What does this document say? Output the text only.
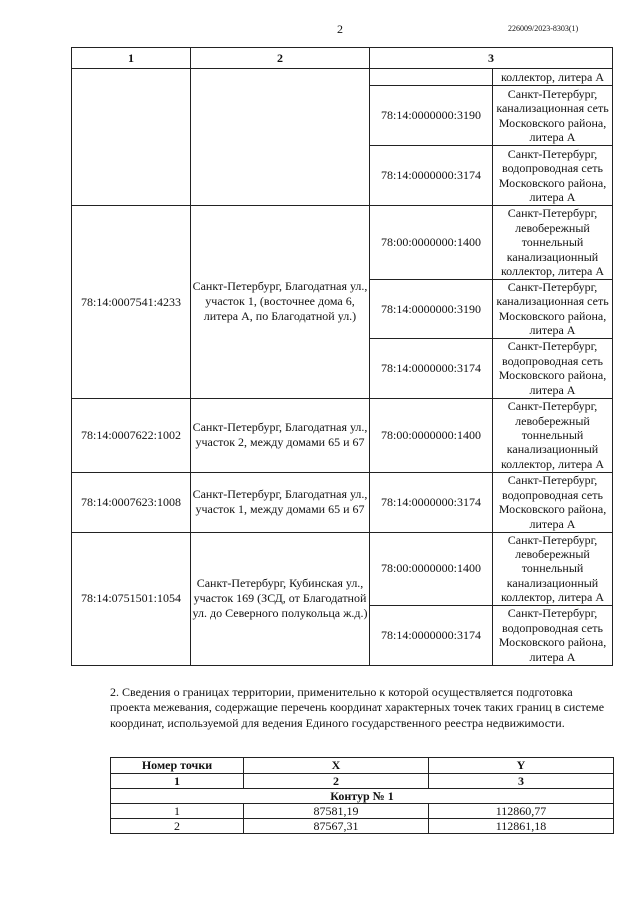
2	226009/2023-8303(1)
1	2	3	
			коллектор, литера А
		78:14:0000000:3190	Санкт-Петербург, канализационная сеть Московского района, литера А
		78:14:0000000:3174	Санкт-Петербург, водопроводная сеть Московского района, литера А
78:14:0007541:4233	Санкт-Петербург, Благодатная ул., участок 1, (восточнее дома 6, литера А, по Благодатной ул.)	78:00:0000000:1400	Санкт-Петербург, левобережный тоннельный канализационный коллектор, литера А
		78:14:0000000:3190	Санкт-Петербург, канализационная сеть Московского района, литера А
		78:14:0000000:3174	Санкт-Петербург, водопроводная сеть Московского района, литера А
78:14:0007622:1002	Санкт-Петербург, Благодатная ул., участок 2, между домами 65 и 67	78:00:0000000:1400	Санкт-Петербург, левобережный тоннельный канализационный коллектор, литера А
78:14:0007623:1008	Санкт-Петербург, Благодатная ул., участок 1, между домами 65 и 67	78:14:0000000:3174	Санкт-Петербург, водопроводная сеть Московского района, литера А
78:14:0751501:1054	Санкт-Петербург, Кубинская ул., участок 169 (ЗСД, от Благодатной ул. до Северного полукольца ж.д.)	78:00:0000000:1400	Санкт-Петербург, левобережный тоннельный канализационный коллектор, литера А
		78:14:0000000:3174	Санкт-Петербург, водопроводная сеть Московского района, литера А
2. Сведения о границах территории, применительно к которой осуществляется подготовка проекта межевания, содержащие перечень координат характерных точек таких границ в системе координат, используемой для ведения Единого государственного реестра недвижимости.
Номер точки	X	Y
1	2	3
Контур № 1		
1	87581,19	112860,77
2	87567,31	112861,18
